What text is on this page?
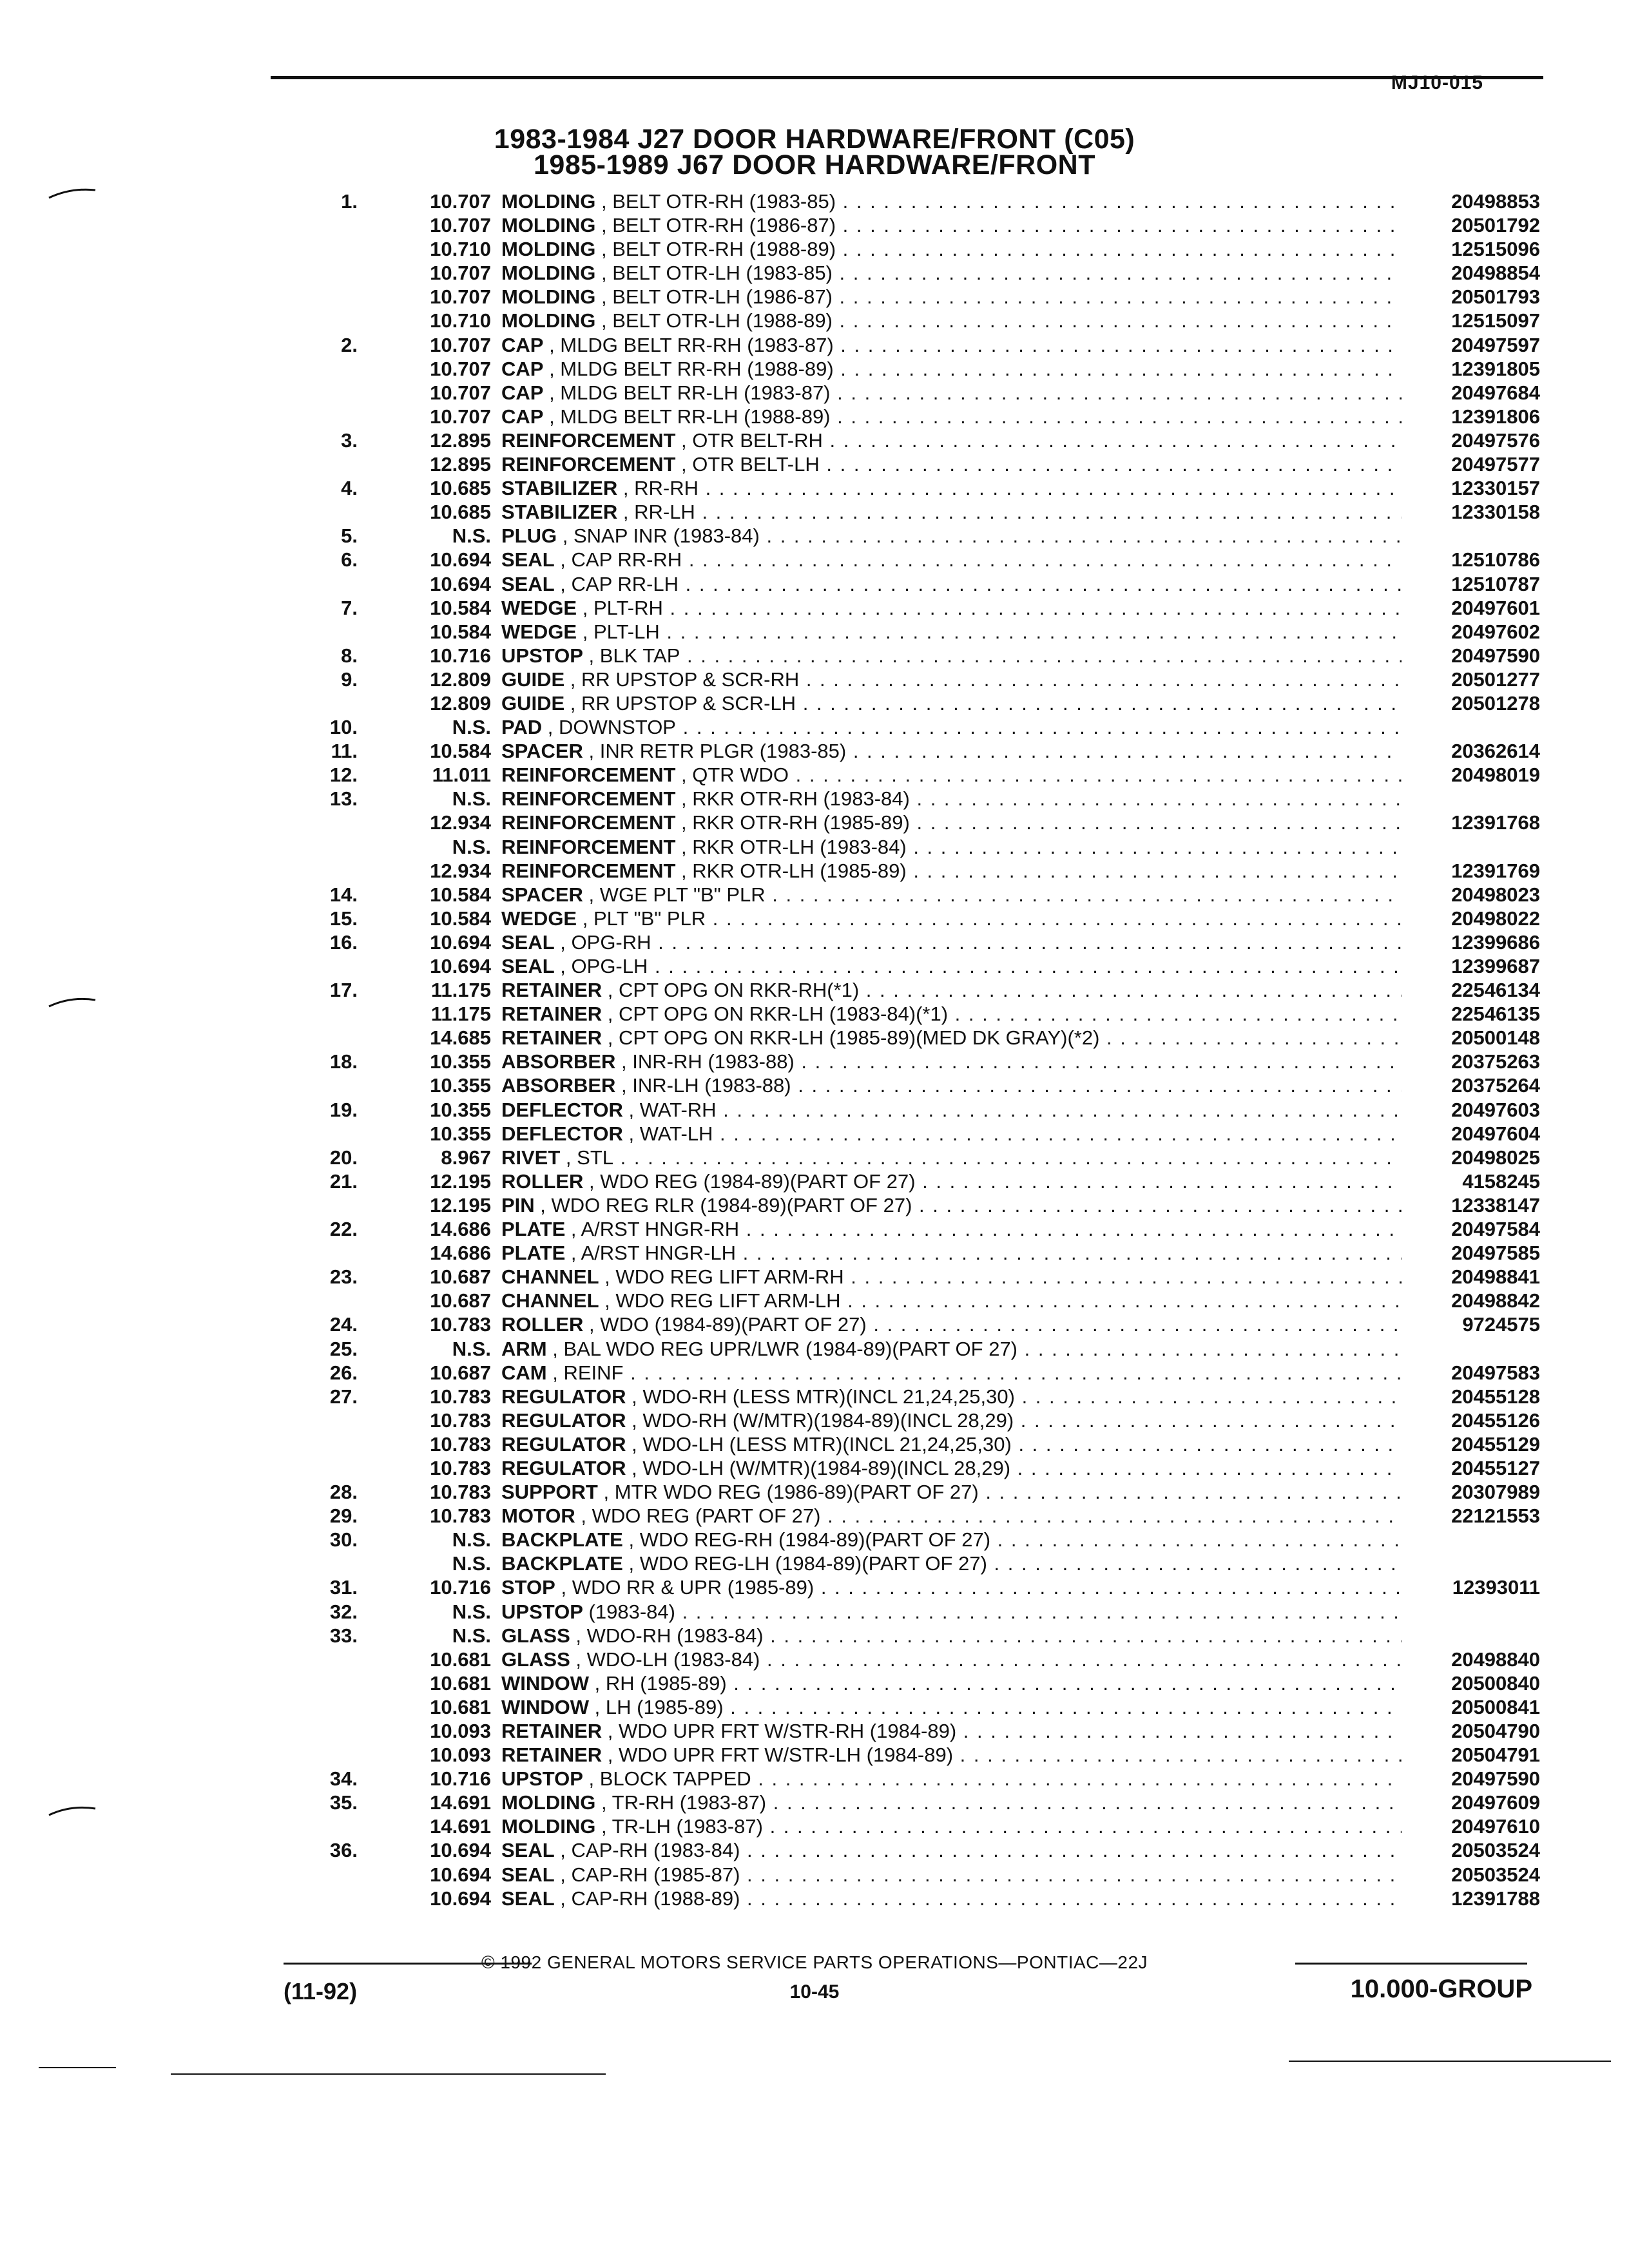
MJ10-015
1983-1984 J27 DOOR HARDWARE/FRONT (C05)
1985-1989 J67 DOOR HARDWARE/FRONT
1.	10.707 MOLDING , BELT OTR-RH (1983-85) . . .	20498853
10.707 MOLDING , BELT OTR-RH (1986-87) . . .	20501792
10.710 MOLDING , BELT OTR-RH (1988-89) . . .	12515096
10.707 MOLDING , BELT OTR-LH (1983-85) . . .	20498854
10.707 MOLDING , BELT OTR-LH (1986-87) . . .	20501793
10.710 MOLDING , BELT OTR-LH (1988-89) . . .	12515097
2.	10.707 CAP , MLDG BELT RR-RH (1983-87) . . .	20497597
10.707 CAP , MLDG BELT RR-RH (1988-89) . . .	12391805
10.707 CAP , MLDG BELT RR-LH (1983-87) . . .	20497684
10.707 CAP , MLDG BELT RR-LH (1988-89) . . .	12391806
3.	12.895 REINFORCEMENT , OTR BELT-RH . . .	20497576
12.895 REINFORCEMENT , OTR BELT-LH . . .	20497577
4.	10.685 STABILIZER , RR-RH . . .	12330157
10.685 STABILIZER , RR-LH . . .	12330158
5.	N.S. PLUG , SNAP INR (1983-84) . . .
6.	10.694 SEAL , CAP RR-RH . . .	12510786
10.694 SEAL , CAP RR-LH . . .	12510787
7.	10.584 WEDGE , PLT-RH . . .	20497601
10.584 WEDGE , PLT-LH . . .	20497602
8.	10.716 UPSTOP , BLK TAP . . .	20497590
9.	12.809 GUIDE , RR UPSTOP & SCR-RH . . .	20501277
12.809 GUIDE , RR UPSTOP & SCR-LH . . .	20501278
10.	N.S. PAD , DOWNSTOP . . .
11.	10.584 SPACER , INR RETR PLGR (1983-85) . . .	20362614
12.	11.011 REINFORCEMENT , QTR WDO . . .	20498019
13.	N.S. REINFORCEMENT , RKR OTR-RH (1983-84) . . .
12.934 REINFORCEMENT , RKR OTR-RH (1985-89) . . .	12391768
N.S. REINFORCEMENT , RKR OTR-LH (1983-84) . . .
12.934 REINFORCEMENT , RKR OTR-LH (1985-89) . . .	12391769
14.	10.584 SPACER , WGE PLT "B" PLR . . .	20498023
15.	10.584 WEDGE , PLT "B" PLR . . .	20498022
16.	10.694 SEAL , OPG-RH . . .	12399686
10.694 SEAL , OPG-LH . . .	12399687
17.	11.175 RETAINER , CPT OPG ON RKR-RH(*1) . . .	22546134
11.175 RETAINER , CPT OPG ON RKR-LH (1983-84)(*1) . . .	22546135
14.685 RETAINER , CPT OPG ON RKR-LH (1985-89)(MED DK GRAY)(*2) . . .	20500148
18.	10.355 ABSORBER , INR-RH (1983-88) . . .	20375263
10.355 ABSORBER , INR-LH (1983-88) . . .	20375264
19.	10.355 DEFLECTOR , WAT-RH . . .	20497603
10.355 DEFLECTOR , WAT-LH . . .	20497604
20.	8.967 RIVET , STL . . .	20498025
21.	12.195 ROLLER , WDO REG (1984-89)(PART OF 27) . . .	4158245
12.195 PIN , WDO REG RLR (1984-89)(PART OF 27) . . .	12338147
22.	14.686 PLATE , A/RST HNGR-RH . . .	20497584
14.686 PLATE , A/RST HNGR-LH . . .	20497585
23.	10.687 CHANNEL , WDO REG LIFT ARM-RH . . .	20498841
10.687 CHANNEL , WDO REG LIFT ARM-LH . . .	20498842
24.	10.783 ROLLER , WDO (1984-89)(PART OF 27) . . .	9724575
25.	N.S. ARM , BAL WDO REG UPR/LWR (1984-89)(PART OF 27) . . .
26.	10.687 CAM , REINF . . .	20497583
27.	10.783 REGULATOR , WDO-RH (LESS MTR)(INCL 21,24,25,30) . . .	20455128
10.783 REGULATOR , WDO-RH (W/MTR)(1984-89)(INCL 28,29) . . .	20455126
10.783 REGULATOR , WDO-LH (LESS MTR)(INCL 21,24,25,30) . . .	20455129
10.783 REGULATOR , WDO-LH (W/MTR)(1984-89)(INCL 28,29) . . .	20455127
28.	10.783 SUPPORT , MTR WDO REG (1986-89)(PART OF 27) . . .	20307989
29.	10.783 MOTOR , WDO REG (PART OF 27) . . .	22121553
30.	N.S. BACKPLATE , WDO REG-RH (1984-89)(PART OF 27) . . .
N.S. BACKPLATE , WDO REG-LH (1984-89)(PART OF 27) . . .
31.	10.716 STOP , WDO RR & UPR (1985-89) . . .	12393011
32.	N.S. UPSTOP (1983-84) . . .
33.	N.S. GLASS , WDO-RH (1983-84) . . .
10.681 GLASS , WDO-LH (1983-84) . . .	20498840
10.681 WINDOW , RH (1985-89) . . .	20500840
10.681 WINDOW , LH (1985-89) . . .	20500841
10.093 RETAINER , WDO UPR FRT W/STR-RH (1984-89) . . .	20504790
10.093 RETAINER , WDO UPR FRT W/STR-LH (1984-89) . . .	20504791
34.	10.716 UPSTOP , BLOCK TAPPED . . .	20497590
35.	14.691 MOLDING , TR-RH (1983-87) . . .	20497609
14.691 MOLDING , TR-LH (1983-87) . . .	20497610
36.	10.694 SEAL , CAP-RH (1983-84) . . .	20503524
10.694 SEAL , CAP-RH (1985-87) . . .	20503524
10.694 SEAL , CAP-RH (1988-89) . . .	12391788
© 1992 GENERAL MOTORS SERVICE PARTS OPERATIONS—PONTIAC—22J
(11-92)	10-45	10.000-GROUP
